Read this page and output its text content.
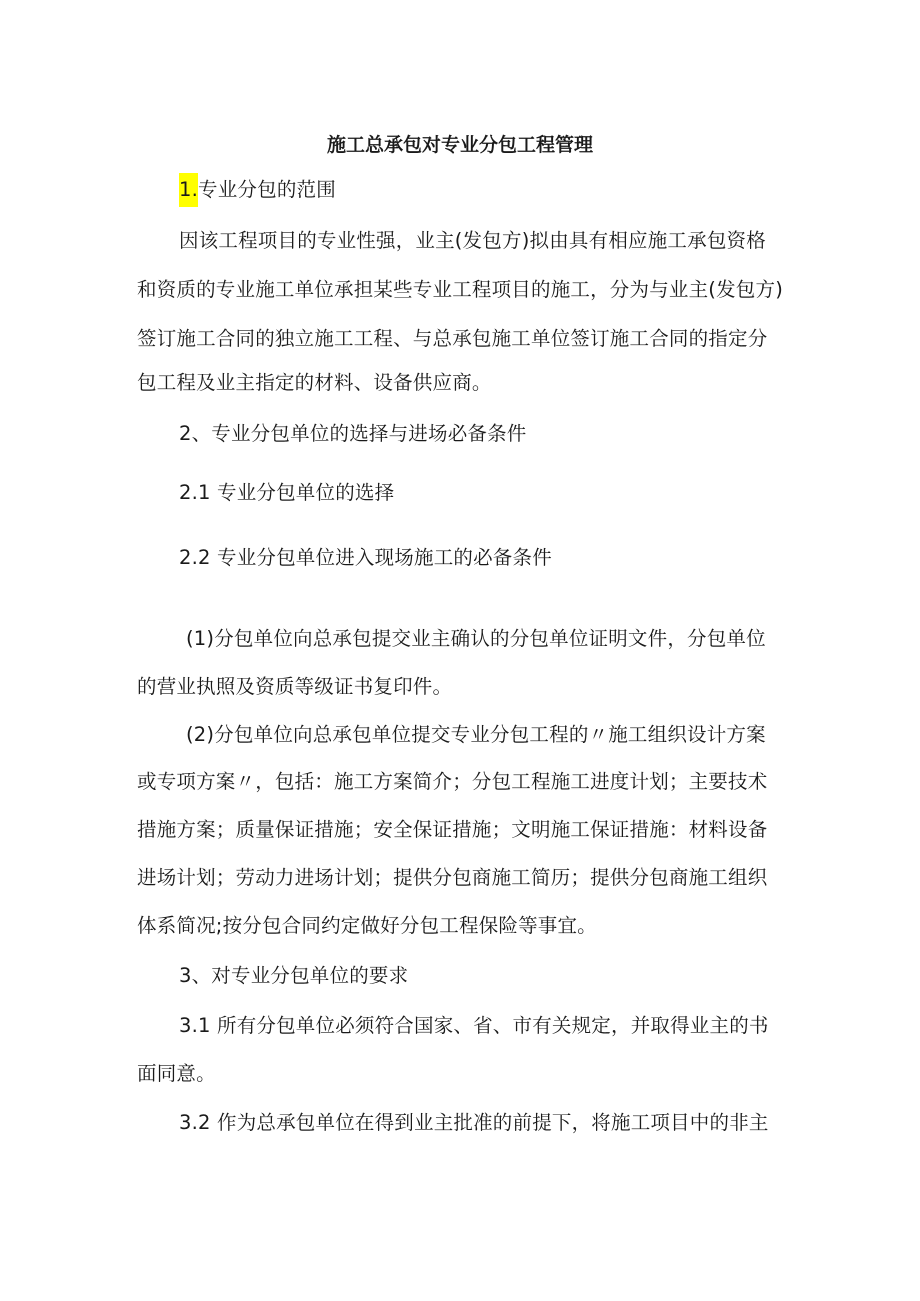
施工总承包对专业分包工程管理

1.专业分包的范围

因该工程项目的专业性强，业主(发包方)拟由具有相应施工承包资格

和资质的专业施工单位承担某些专业工程项目的施工，分为与业主(发包方)

签订施工合同的独立施工工程、与总承包施工单位签订施工合同的指定分

包工程及业主指定的材料、设备供应商。

2、专业分包单位的选择与进场必备条件

2.1 专业分包单位的选择

2.2 专业分包单位进入现场施工的必备条件

(1)分包单位向总承包提交业主确认的分包单位证明文件，分包单位

的营业执照及资质等级证书复印件。

(2)分包单位向总承包单位提交专业分包工程的〃施工组织设计方案

或专项方案〃，包括：施工方案简介；分包工程施工进度计划；主要技术

措施方案；质量保证措施；安全保证措施；文明施工保证措施：材料设备

进场计划；劳动力进场计划；提供分包商施工简历；提供分包商施工组织

体系简况;按分包合同约定做好分包工程保险等事宜。

3、对专业分包单位的要求

3.1 所有分包单位必须符合国家、省、市有关规定，并取得业主的书

面同意。

3.2 作为总承包单位在得到业主批准的前提下，将施工项目中的非主
